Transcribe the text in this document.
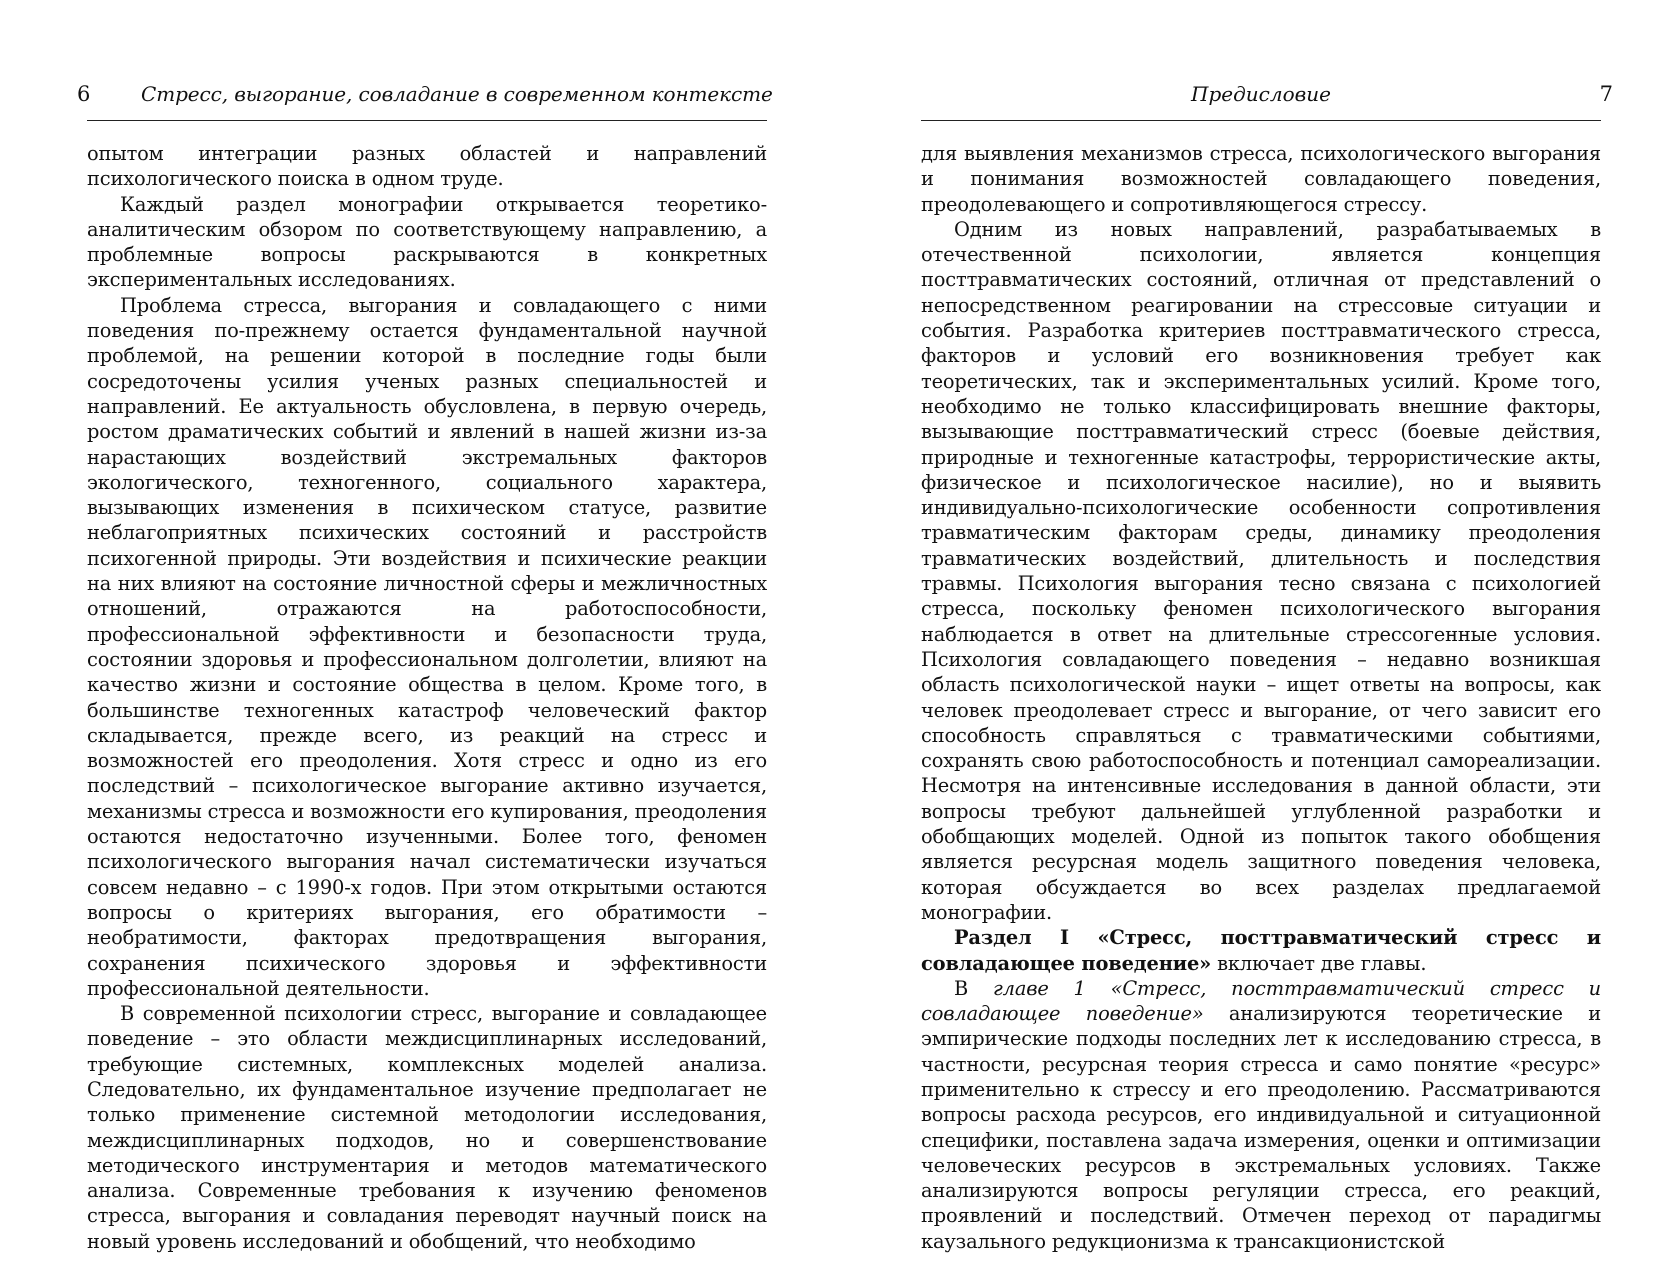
6	Стресс, выгорание, совладание в современном контексте

опытом интеграции разных областей и направлений психологического поиска в одном труде.

Каждый раздел монографии открывается теоретико-аналитическим обзором по соответствующему направлению, а проблемные вопросы раскрываются в конкретных экспериментальных исследованиях.

Проблема стресса, выгорания и совладающего с ними поведения по-прежнему остается фундаментальной научной проблемой, на решении которой в последние годы были сосредоточены усилия ученых разных специальностей и направлений. Ее актуальность обусловлена, в первую очередь, ростом драматических событий и явлений в нашей жизни из-за нарастающих воздействий экстремальных факторов экологического, техногенного, социального характера, вызывающих изменения в психическом статусе, развитие неблагоприятных психических состояний и расстройств психогенной природы. Эти воздействия и психические реакции на них влияют на состояние личностной сферы и межличностных отношений, отражаются на работоспособности, профессиональной эффективности и безопасности труда, состоянии здоровья и профессиональном долголетии, влияют на качество жизни и состояние общества в целом. Кроме того, в большинстве техногенных катастроф человеческий фактор складывается, прежде всего, из реакций на стресс и возможностей его преодоления. Хотя стресс и одно из его последствий – психологическое выгорание активно изучается, механизмы стресса и возможности его купирования, преодоления остаются недостаточно изученными. Более того, феномен психологического выгорания начал систематически изучаться совсем недавно – с 1990-х годов. При этом открытыми остаются вопросы о критериях выгорания, его обратимости – необратимости, факторах предотвращения выгорания, сохранения психического здоровья и эффективности профессиональной деятельности.

В современной психологии стресс, выгорание и совладающее поведение – это области междисциплинарных исследований, требующие системных, комплексных моделей анализа. Следовательно, их фундаментальное изучение предполагает не только применение системной методологии исследования, междисциплинарных подходов, но и совершенствование методического инструментария и методов математического анализа. Современные требования к изучению феноменов стресса, выгорания и совладания переводят научный поиск на новый уровень исследований и обобщений, что необходимо

Предисловие	7

для выявления механизмов стресса, психологического выгорания и понимания возможностей совладающего поведения, преодолевающего и сопротивляющегося стрессу.

Одним из новых направлений, разрабатываемых в отечественной психологии, является концепция посттравматических состояний, отличная от представлений о непосредственном реагировании на стрессовые ситуации и события. Разработка критериев посттравматического стресса, факторов и условий его возникновения требует как теоретических, так и экспериментальных усилий. Кроме того, необходимо не только классифицировать внешние факторы, вызывающие посттравматический стресс (боевые действия, природные и техногенные катастрофы, террористические акты, физическое и психологическое насилие), но и выявить индивидуально-психологические особенности сопротивления травматическим факторам среды, динамику преодоления травматических воздействий, длительность и последствия травмы. Психология выгорания тесно связана с психологией стресса, поскольку феномен психологического выгорания наблюдается в ответ на длительные стрессогенные условия. Психология совладающего поведения – недавно возникшая область психологической науки – ищет ответы на вопросы, как человек преодолевает стресс и выгорание, от чего зависит его способность справляться с травматическими событиями, сохранять свою работоспособность и потенциал самореализации. Несмотря на интенсивные исследования в данной области, эти вопросы требуют дальнейшей углубленной разработки и обобщающих моделей. Одной из попыток такого обобщения является ресурсная модель защитного поведения человека, которая обсуждается во всех разделах предлагаемой монографии.

Раздел I «Стресс, посттравматический стресс и совладающее поведение» включает две главы.

В главе 1 «Стресс, посттравматический стресс и совладающее поведение» анализируются теоретические и эмпирические подходы последних лет к исследованию стресса, в частности, ресурсная теория стресса и само понятие «ресурс» применительно к стрессу и его преодолению. Рассматриваются вопросы расхода ресурсов, его индивидуальной и ситуационной специфики, поставлена задача измерения, оценки и оптимизации человеческих ресурсов в экстремальных условиях. Также анализируются вопросы регуляции стресса, его реакций, проявлений и последствий. Отмечен переход от парадигмы каузального редукционизма к трансакционистской
